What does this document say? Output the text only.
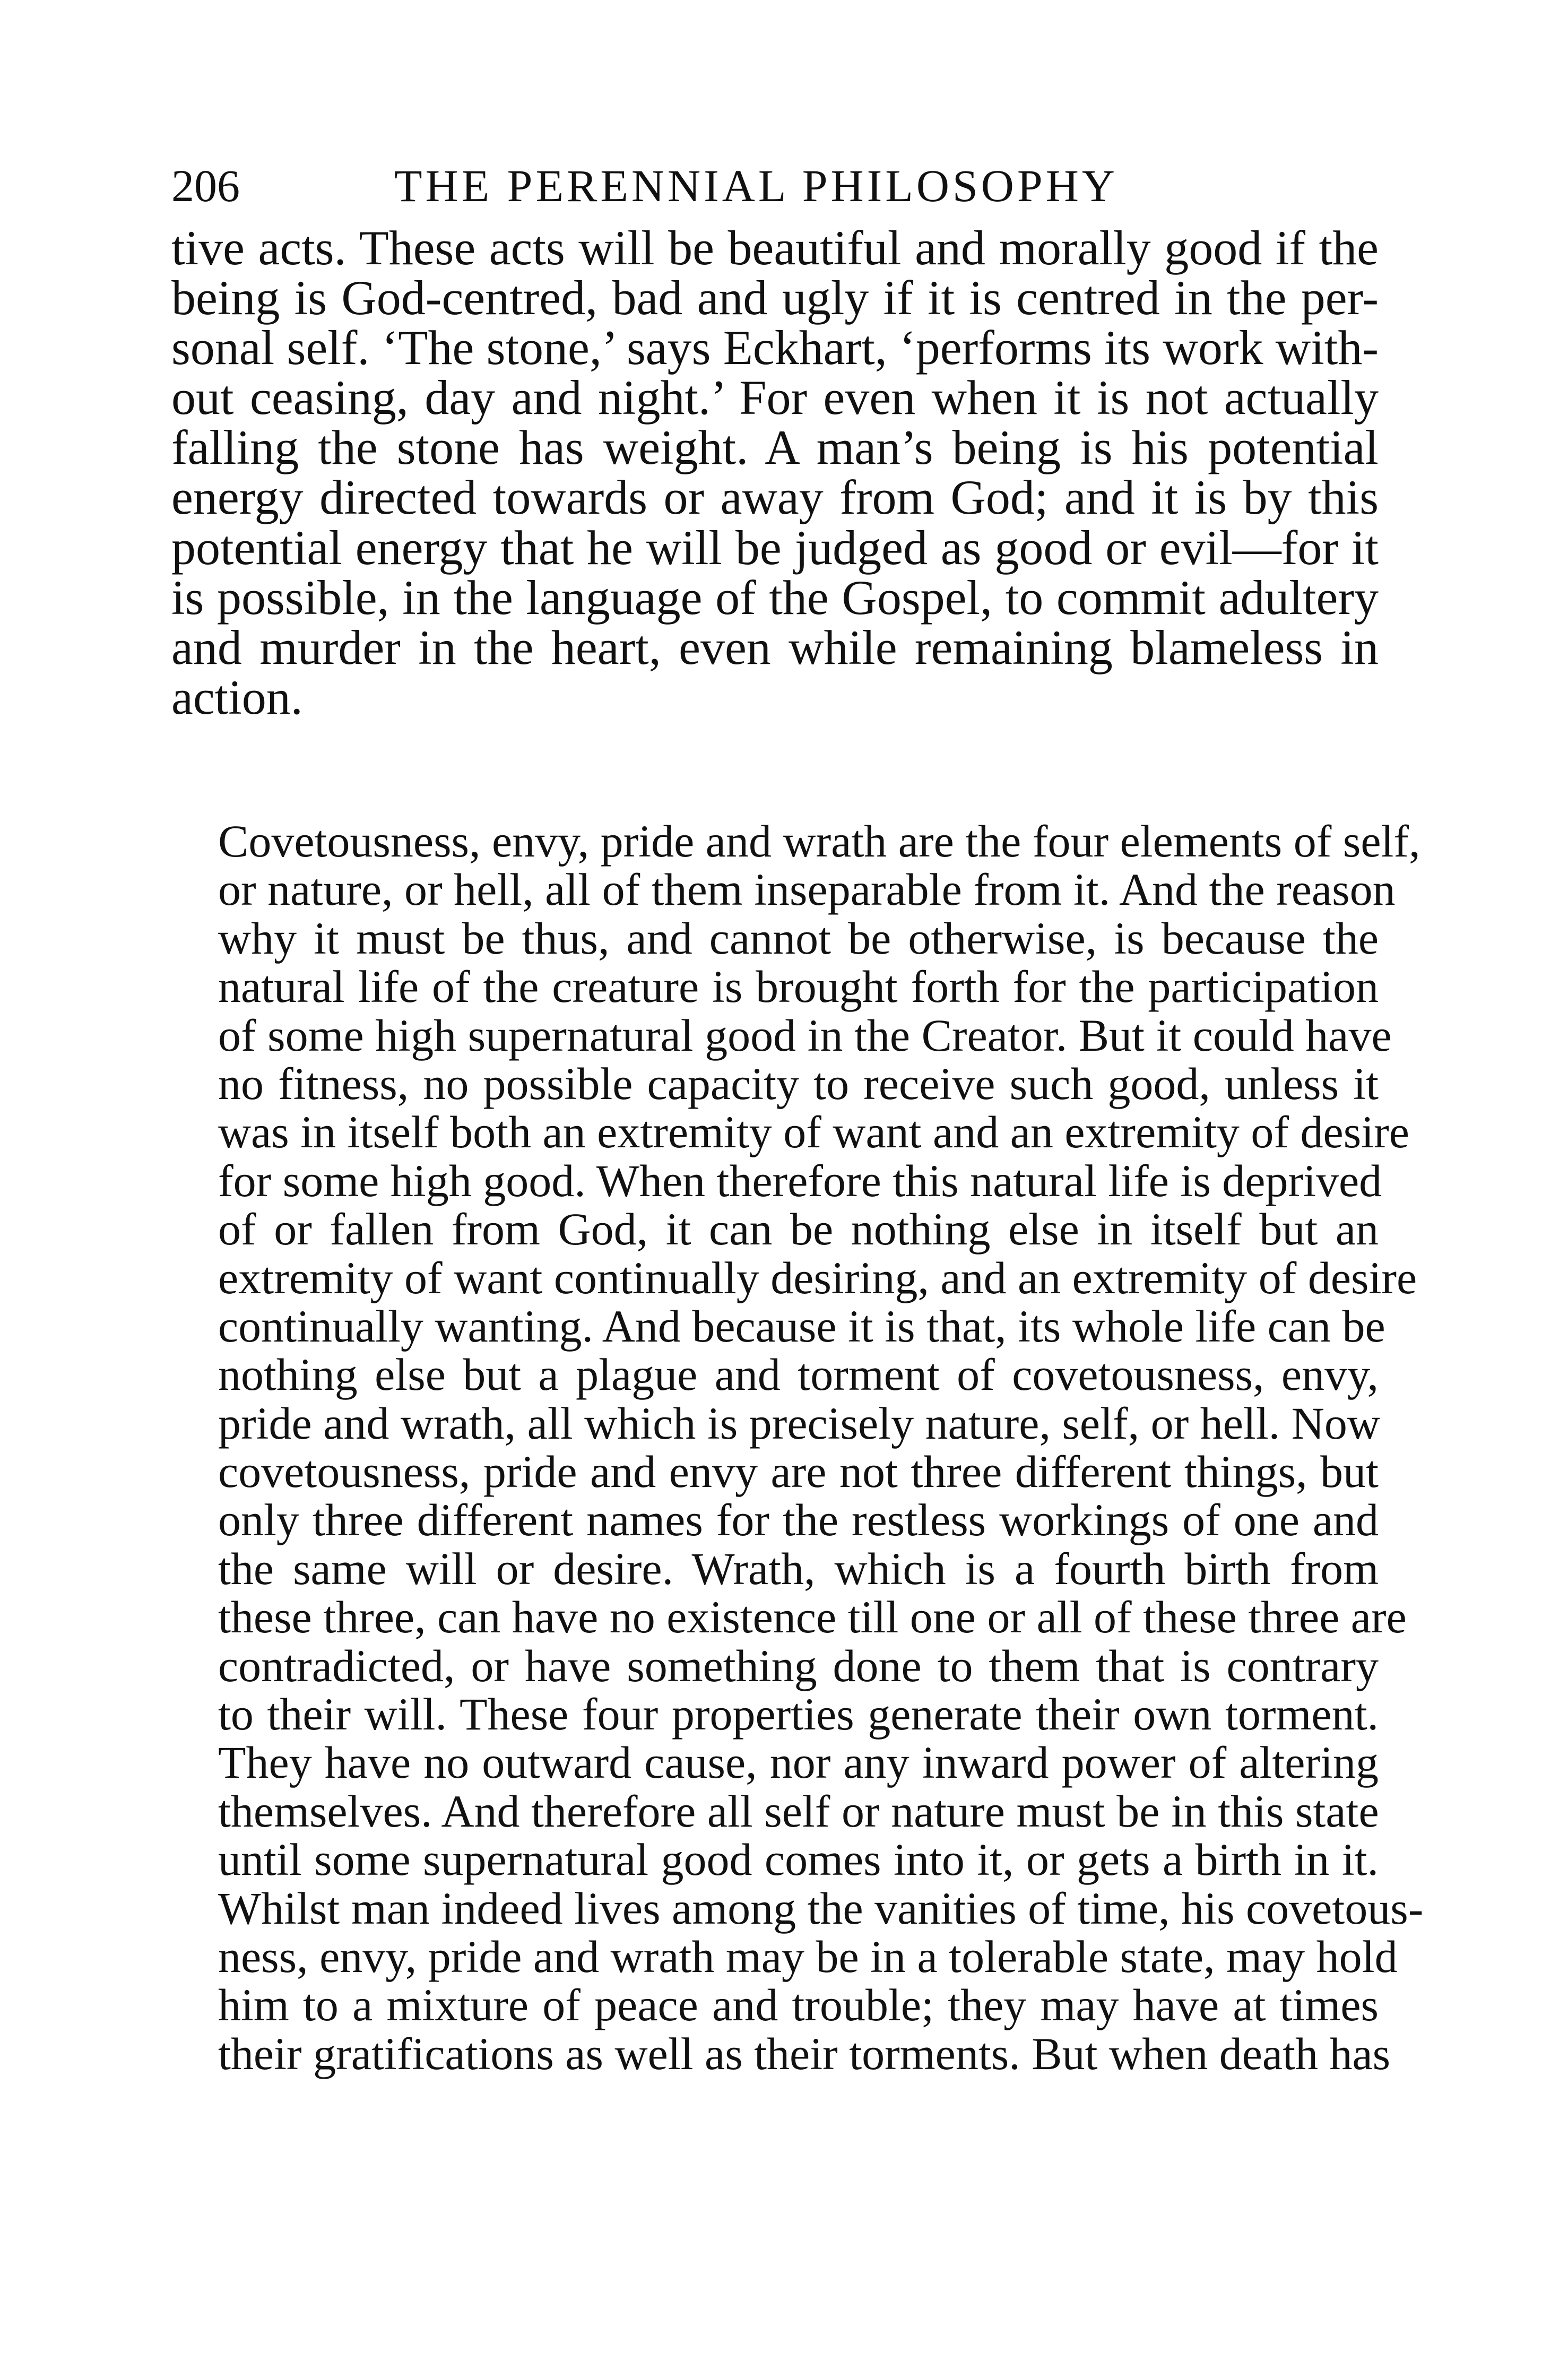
206	THE PERENNIAL PHILOSOPHY
tive acts. These acts will be beautiful and morally good if the
being is God-centred, bad and ugly if it is centred in the per-
sonal self. ‘The stone,’ says Eckhart, ‘performs its work with-
out ceasing, day and night.’ For even when it is not actually
falling the stone has weight. A man’s being is his potential
energy directed towards or away from God; and it is by this
potential energy that he will be judged as good or evil—for it
is possible, in the language of the Gospel, to commit adultery
and murder in the heart, even while remaining blameless in
action.
Covetousness, envy, pride and wrath are the four elements of self,
or nature, or hell, all of them inseparable from it. And the reason
why it must be thus, and cannot be otherwise, is because the
natural life of the creature is brought forth for the participation
of some high supernatural good in the Creator. But it could have
no fitness, no possible capacity to receive such good, unless it
was in itself both an extremity of want and an extremity of desire
for some high good. When therefore this natural life is deprived
of or fallen from God, it can be nothing else in itself but an
extremity of want continually desiring, and an extremity of desire
continually wanting. And because it is that, its whole life can be
nothing else but a plague and torment of covetousness, envy,
pride and wrath, all which is precisely nature, self, or hell. Now
covetousness, pride and envy are not three different things, but
only three different names for the restless workings of one and
the same will or desire. Wrath, which is a fourth birth from
these three, can have no existence till one or all of these three are
contradicted, or have something done to them that is contrary
to their will. These four properties generate their own torment.
They have no outward cause, nor any inward power of altering
themselves. And therefore all self or nature must be in this state
until some supernatural good comes into it, or gets a birth in it.
Whilst man indeed lives among the vanities of time, his covetous-
ness, envy, pride and wrath may be in a tolerable state, may hold
him to a mixture of peace and trouble; they may have at times
their gratifications as well as their torments. But when death has
